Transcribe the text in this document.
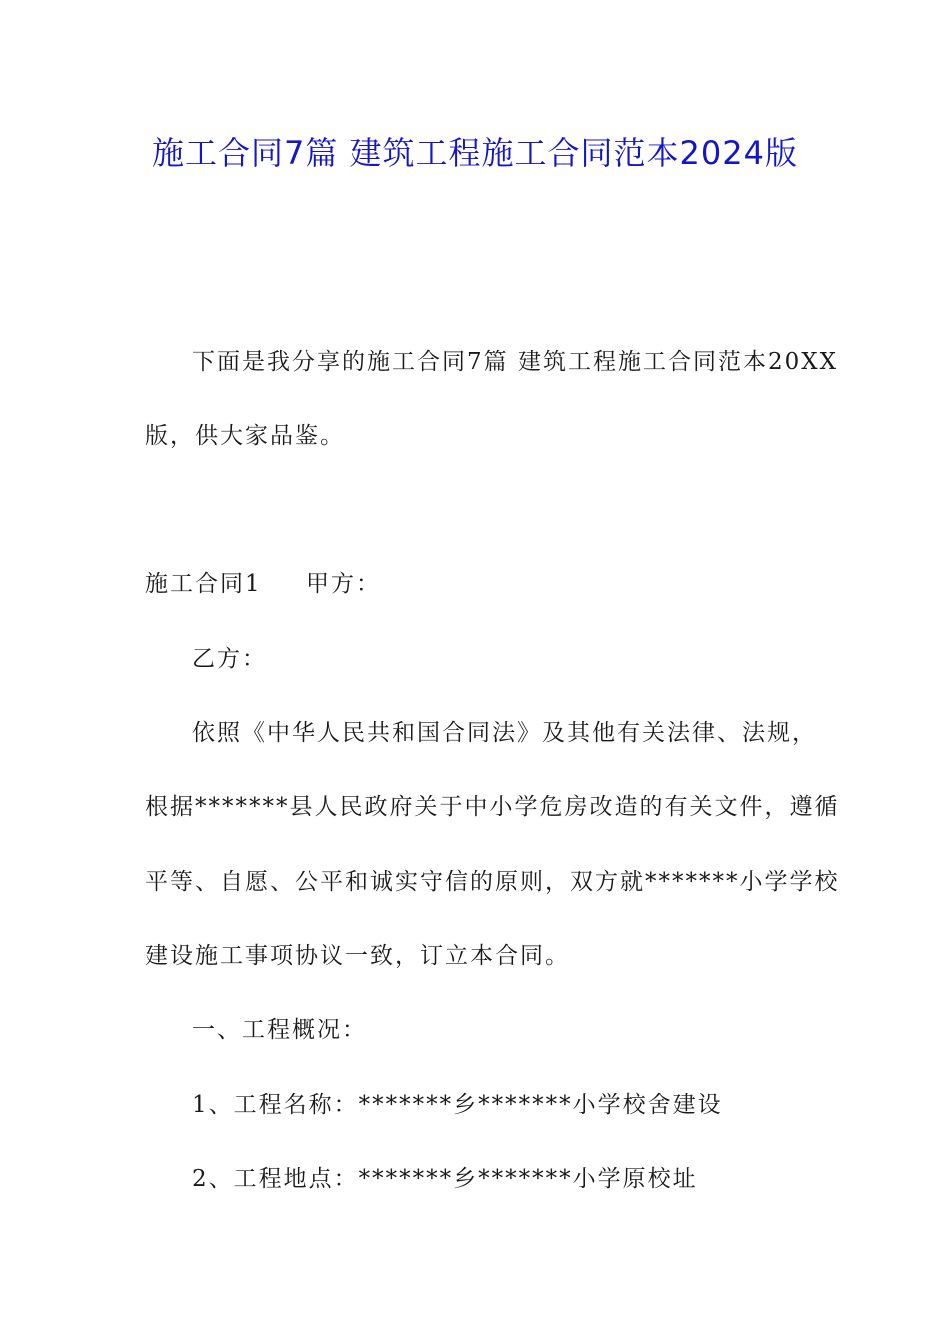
施工合同7篇 建筑工程施工合同范本2024版
下面是我分享的施工合同7篇 建筑工程施工合同范本20XX
版，供大家品鉴。
施工合同1 甲方：
乙方：
依照《中华人民共和国合同法》及其他有关法律、法规，
根据*******县人民政府关于中小学危房改造的有关文件，遵循
平等、自愿、公平和诚实守信的原则，双方就*******小学学校
建设施工事项协议一致，订立本合同。
一、工程概况：
1、工程名称：*******乡*******小学校舍建设
2、工程地点：*******乡*******小学原校址
